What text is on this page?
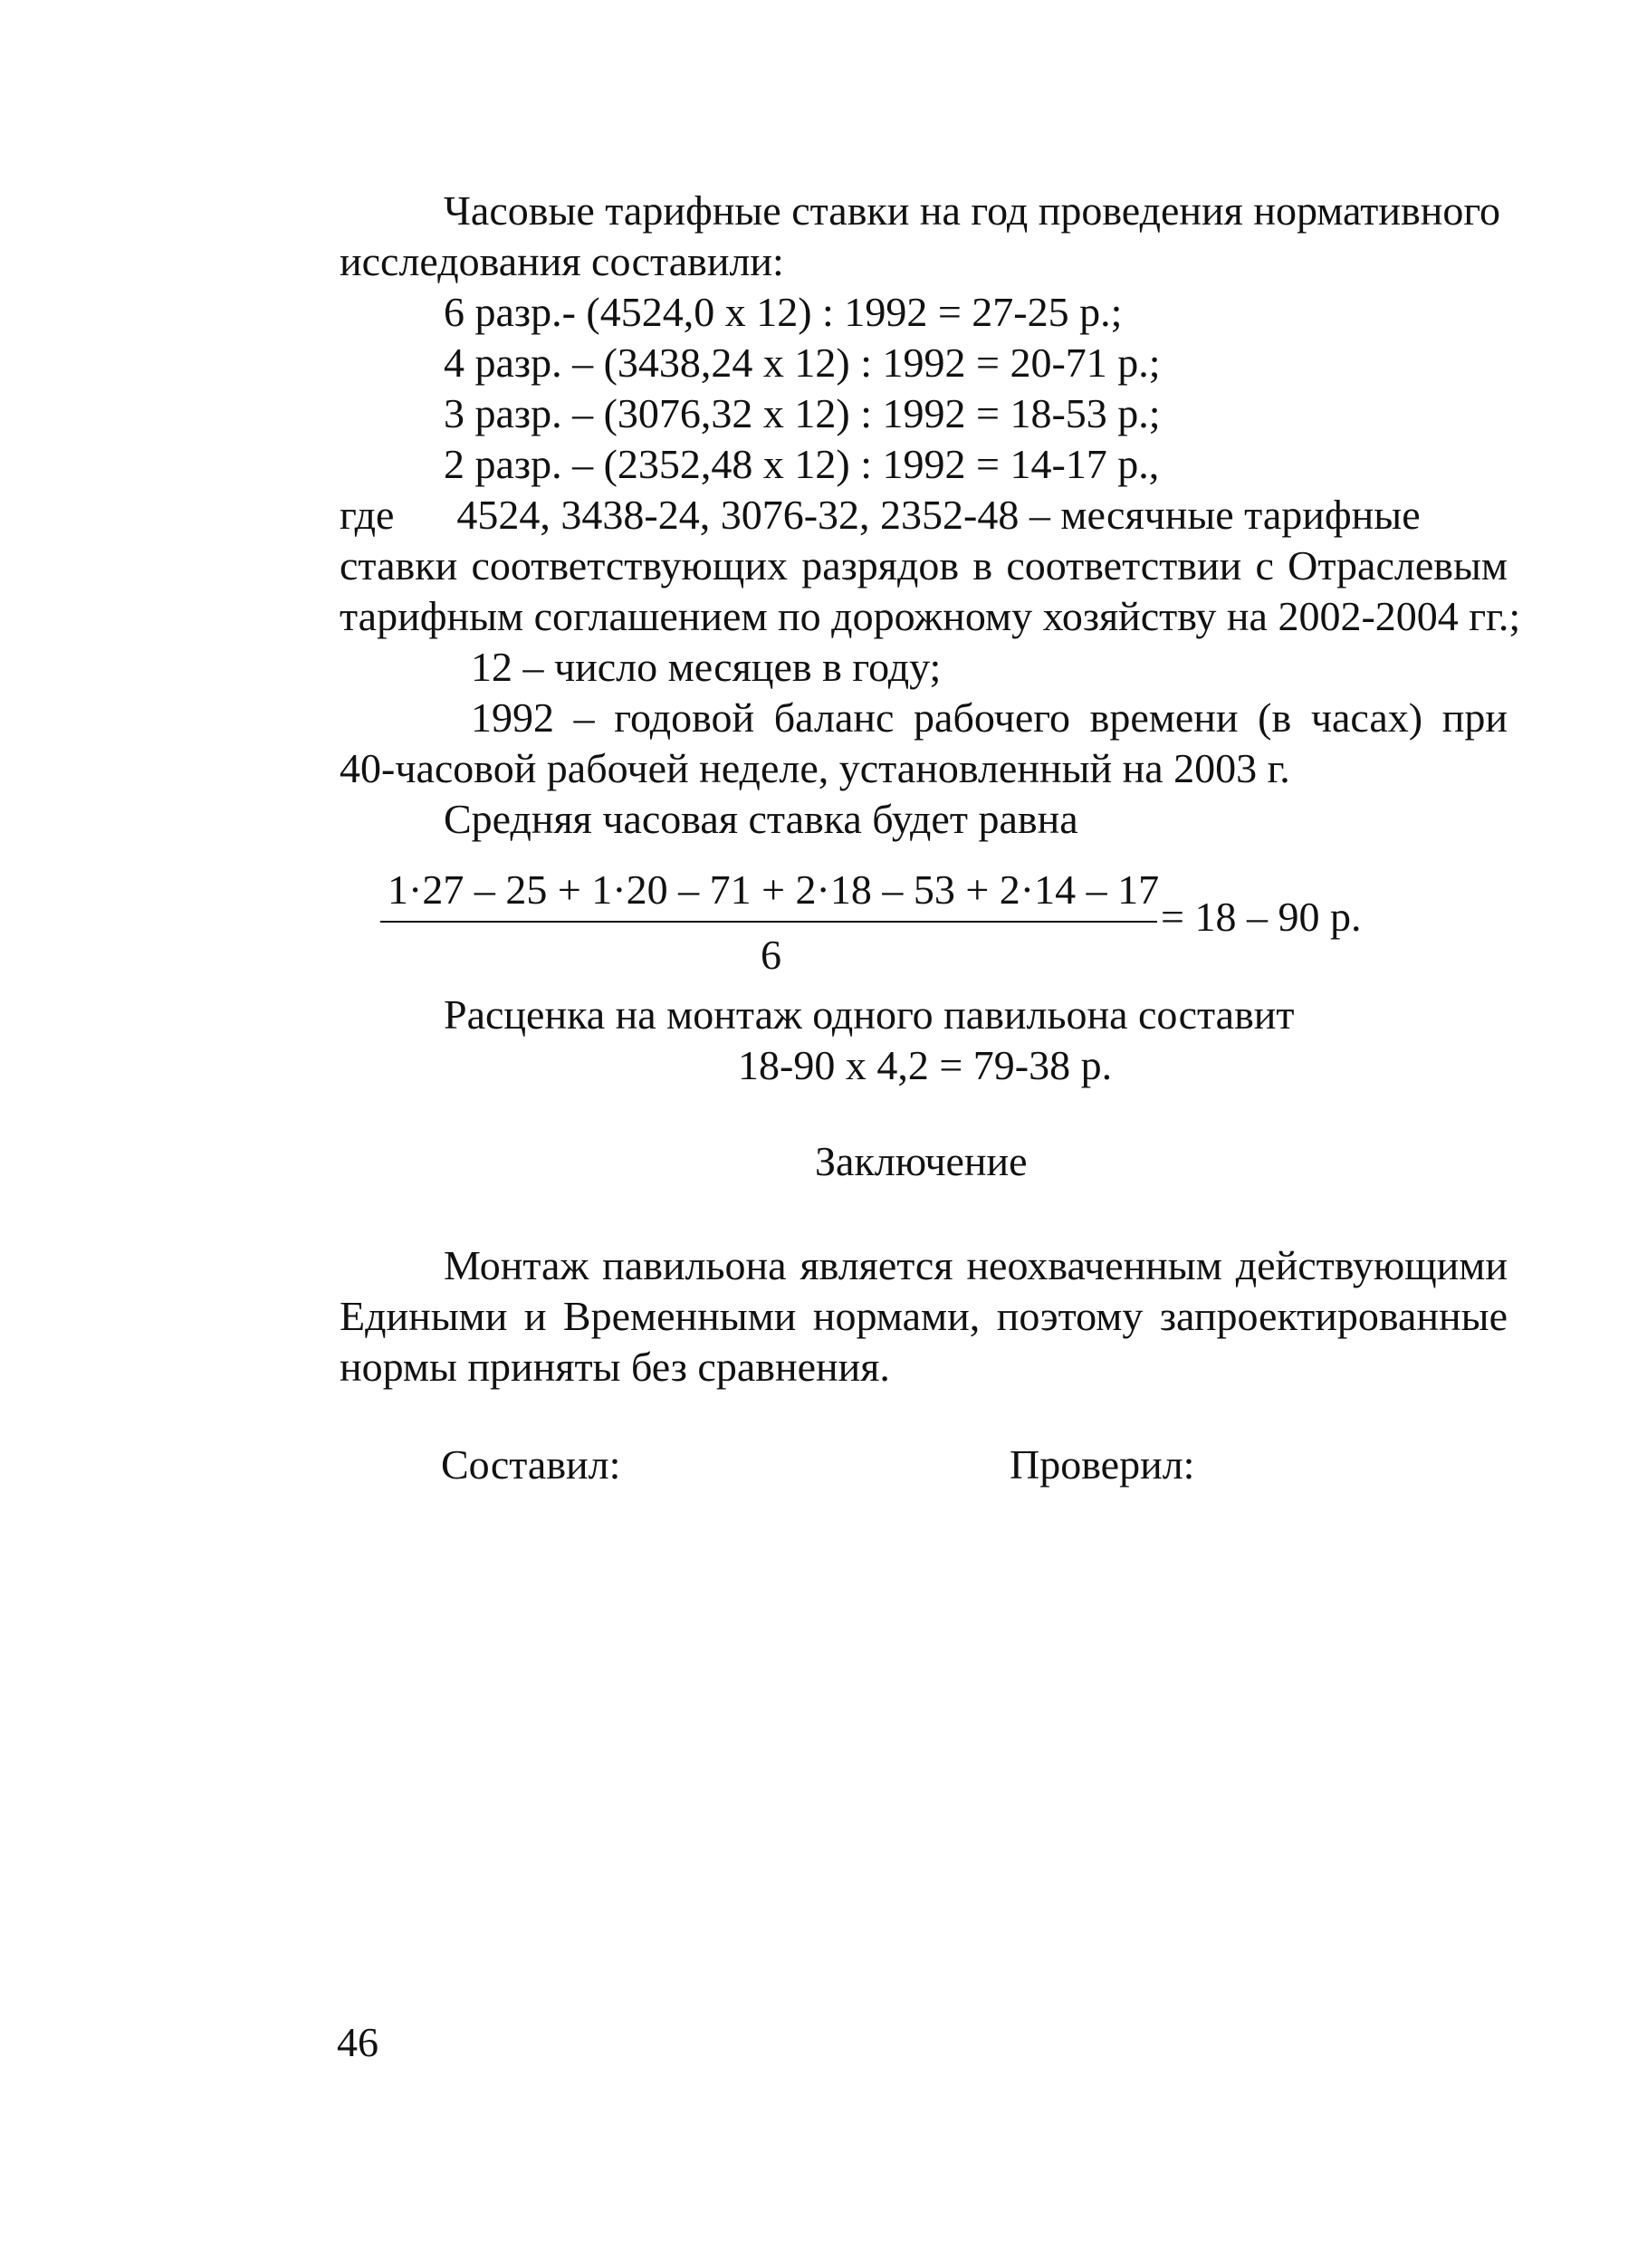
Часовые тарифные ставки на год проведения нормативного
исследования составили:
6 разр.- (4524,0 х 12) : 1992 = 27-25 р.;
4 разр. – (3438,24 х 12) : 1992 = 20-71 р.;
3 разр. – (3076,32 х 12) : 1992 = 18-53 р.;
2 разр. – (2352,48 х 12) : 1992 = 14-17 р.,
где      4524, 3438-24, 3076-32, 2352-48 – месячные тарифные
ставки соответствующих разрядов в соответствии с Отраслевым
тарифным соглашением по дорожному хозяйству на 2002-2004 гг.;
12 – число месяцев в году;
1992 – годовой баланс рабочего времени (в часах) при
40-часовой рабочей неделе, установленный на 2003 г.
Средняя часовая ставка будет равна
1·27 – 25 + 1·20 – 71 + 2·18 – 53 + 2·14 – 17
6
= 18 – 90 р.
Расценка на монтаж одного павильона составит
18-90 х 4,2 = 79-38 р.
Заключение
Монтаж павильона является неохваченным действующими
Едиными и Временными нормами, поэтому запроектированные
нормы приняты без сравнения.
Составил:	Проверил:
46
